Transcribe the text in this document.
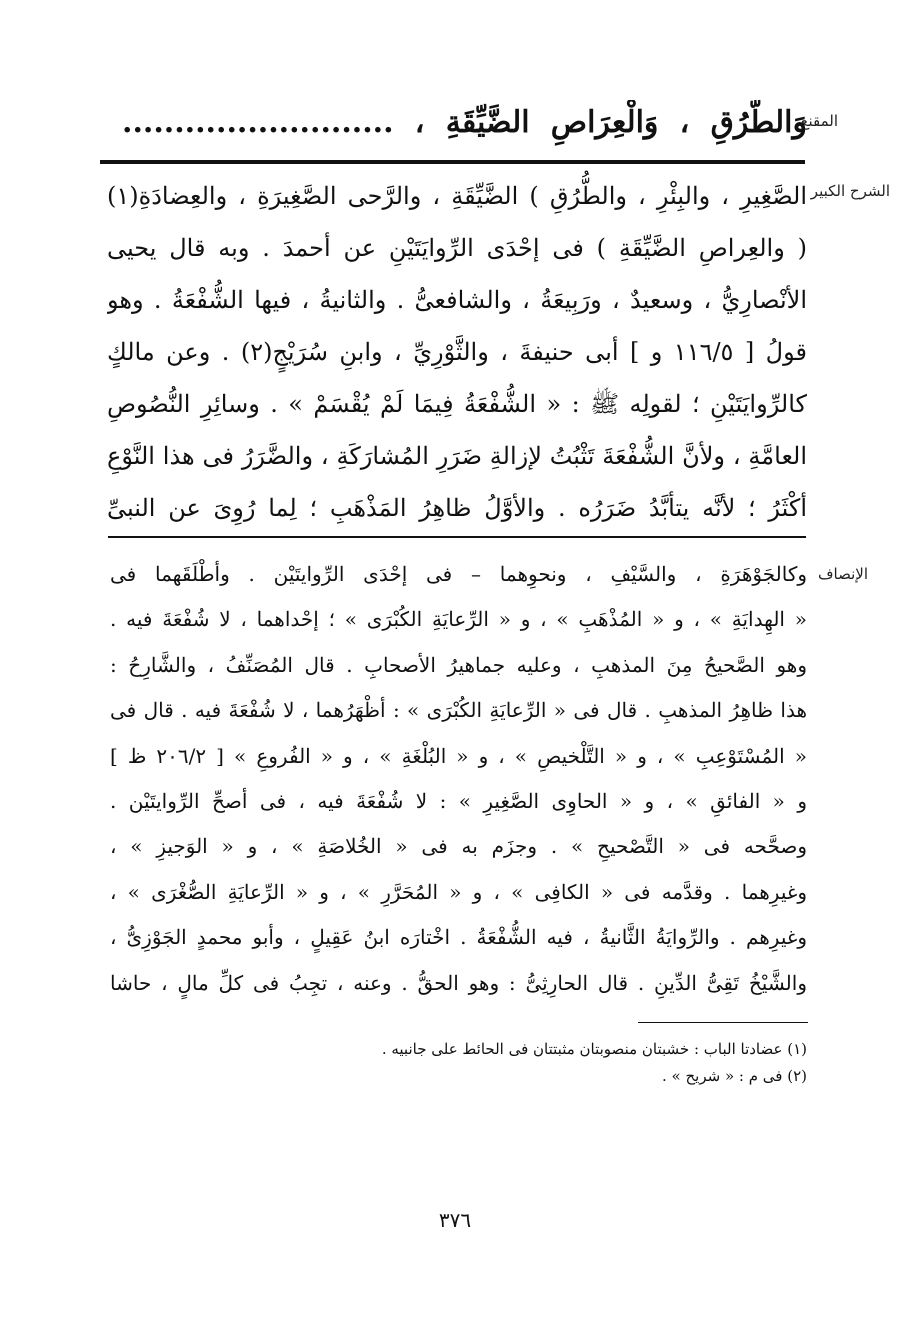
المقنع
الشرح الكبير
الإنصاف
وَالطُّرُقِ ، وَالْعِرَاصِ الضَّيِّقَةِ ، ..........................
الصَّغِيرِ ، والبِئْرِ ، والطُّرُقِ ) الضَّيِّقَةِ ، والرَّحى الصَّغِيرَةِ ، والعِضادَةِ(١)
( والعِراصِ الضَّيِّقَةِ ) فى إحْدَى الرِّوايَتَيْنِ عن أحمدَ . وبه قال يحيى
الأنْصارِيُّ ، وسعيدٌ ، ورَبِيعَةُ ، والشافعىُّ . والثانيةُ ، فيها الشُّفْعَةُ . وهو
قولُ [ ١١٦/٥ و ] أبى حنيفةَ ، والثَّوْرِيِّ ، وابنِ سُرَيْجٍ(٢) . وعن مالكٍ
كالرِّوايَتَيْنِ ؛ لقولِه ﷺ : « الشُّفْعَةُ فِيمَا لَمْ يُقْسَمْ » . وسائِرِ النُّصُوصِ
العامَّةِ ، ولأنَّ الشُّفْعَةَ تَثْبُتُ لإزالةِ ضَرَرِ المُشارَكَةِ ، والضَّرَرُ فى هذا النَّوْعِ
أكْثَرُ ؛ لأنَّه يتأبَّدُ ضَرَرُه . والأوَّلُ ظاهِرُ المَذْهَبِ ؛ لِما رُوِىَ عن النبىِّ
وكالجَوْهَرَةِ ، والسَّيْفِ ، ونحوِهما – فى إحْدَى الرِّوايتَيْن . وأطْلَقَهما فى
« الهِدايَةِ » ، و « المُذْهَبِ » ، و « الرِّعايَةِ الكُبْرَى » ؛ إحْداهما ، لا شُفْعَةَ فيه .
وهو الصَّحيحُ مِنَ المذهبِ ، وعليه جماهيرُ الأصحابِ . قال المُصَنِّفُ ، والشَّارِحُ :
هذا ظاهِرُ المذهبِ . قال فى « الرِّعايَةِ الكُبْرَى » : أظْهَرُهما ، لا شُفْعَةَ فيه . قال فى
« المُسْتَوْعِبِ » ، و « التَّلْخيصِ » ، و « البُلْغَةِ » ، و « الفُروعِ » [ ٢٠٦/٢ ظ ]
و « الفائقِ » ، و « الحاوِى الصَّغِيرِ » : لا شُفْعَةَ فيه ، فى أصحِّ الرِّوايتَيْن .
وصحَّحه فى « التَّصْحيحِ » . وجزَم به فى « الخُلاصَةِ » ، و « الوَجيزِ » ،
وغيرِهما . وقدَّمه فى « الكافِى » ، و « المُحَرَّرِ » ، و « الرِّعايَةِ الصُّغْرَى » ،
وغيرِهم . والرِّوايَةُ الثَّانيةُ ، فيه الشُّفْعَةُ . اخْتارَه ابنُ عَقِيلٍ ، وأبو محمدٍ الجَوْزِىُّ ،
والشَّيْخُ تَقِىُّ الدِّينِ . قال الحارِثِىُّ : وهو الحقُّ . وعنه ، تجِبُ فى كلِّ مالٍ ، حاشا
(١) عضادتا الباب : خشبتان منصوبتان مثبتتان فى الحائط على جانبيه .
(٢) فى م : « شريح » .
٣٧٦
